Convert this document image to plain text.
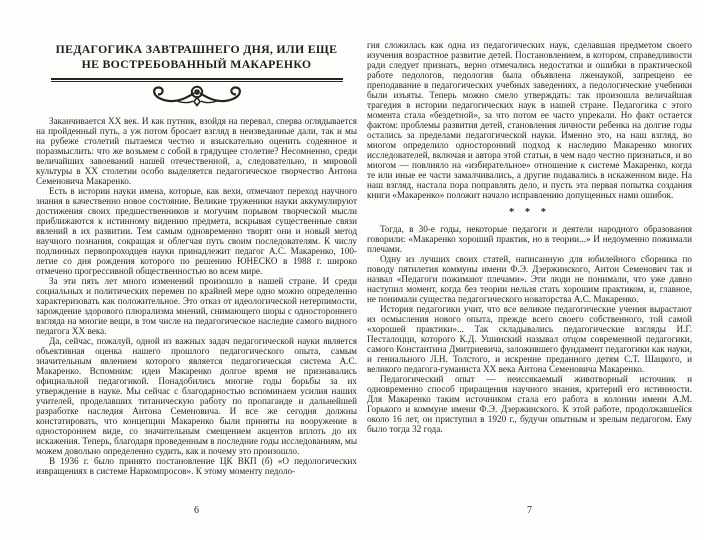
ПЕДАГОГИКА ЗАВТРАШНЕГО ДНЯ, ИЛИ ЕЩЕ
НЕ ВОСТРЕБОВАННЫЙ МАКАРЕНКО

Заканчивается XX век. И как путник, взойдя на перевал, сперва оглядывается на пройденный путь, а уж потом бросает взгляд в неизведанные дали, так и мы на рубеже столетий пытаемся честно и взыскательно оценить содеянное и поразмыслить: что же возьмем с собой в грядущее столетие? Несомненно, среди величайших завоеваний нашей отечественной, а, следовательно, и мировой культуры в XX столетии особо выделяется педагогическое творчество Антона Семеновича Макаренко.

Есть в истории науки имена, которые, как вехи, отмечают переход научного знания в качественно новое состояние. Великие труженики науки аккумулируют достижения своих предшественников и могучим порывом творческой мысли приближаются к истинному видению предмета, вскрывая существенные связи явлений в их развитии. Тем самым одновременно творят они и новый метод научного познания, сокращая и облегчая путь своим последователям. К числу подлинных первопроходцев науки принадлежит педагог А.С. Макаренко, 100-летие со дня рождения которого по решению ЮНЕСКО в 1988 г. широко отмечено прогрессивной общественностью во всем мире.

За эти пять лет много изменений произошло в нашей стране. И среди социальных и политических перемен по крайней мере одно можно определенно характеризовать как положительное. Это отказ от идеологической нетерпимости, зарождение здорового плюрализма мнений, снимающего шоры с одностороннего взгляда на многие вещи, в том числе на педагогическое наследие самого видного педагога XX века.

Да, сейчас, пожалуй, одной из важных задач педагогической науки является объективная оценка нашего прошлого педагогического опыта, самым значительным явлением которого является педагогическая система А.С. Макаренко. Вспомним: идеи Макаренко долгое время не признавались официальной педагогикой. Понадобились многие годы борьбы за их утверждение в науке. Мы сейчас с благодарностью вспоминаем усилия наших учителей, проделавших титаническую работу по пропаганде и дальнейшей разработке наследия Антона Семеновича. И все же сегодня должны констатировать, что концепции Макаренко были приняты на вооружение в одностороннем виде, со значительным смещением акцентов вплоть до их искажения. Теперь, благодаря проведенным в последние годы исследованиям, мы можем довольно определенно судить, как и почему это произошло.

В 1936 г. было принято постановление ЦК ВКП (б) «О педологических извращениях в системе Наркомпросов». К этому моменту педоло-

6

гия сложилась как одна из педагогических наук, сделавшая предметом своего изучения возрастное развитие детей. Постановлением, в котором, справедливости ради следует признать, верно отмечались недостатки и ошибки в практической работе педологов, педология была объявлена лженаукой, запрещено ее преподавание в педагогических учебных заведениях, а педологические учебники были изъяты. Теперь можно смело утверждать: так произошла величайшая трагедия в истории педагогических наук в нашей стране. Педагогика с этого момента стала «бездетной», за что потом ее часто упрекали. Но факт остается фактом: проблемы развития детей, становления личности ребенка на долгие годы остались за пределами педагогической науки. Именно это, на наш взгляд, во многом определило односторонний подход к наследию Макаренко многих исследователей, включая и автора этой статьи, в чем надо честно признаться, и во многом — повлияло на «избирательное» отношение к системе Макаренко, когда те или иные ее части замалчивались, а другие подавались в искаженном виде. На наш взгляд, настала пора поправлять дело, и пусть эта первая попытка создания книги «Макаренко» положит начало исправлению допущенных нами ошибок.

* * *

Тогда, в 30-е годы, некоторые педагоги и деятели народного образования говорили: «Макаренко хороший практик, но в теории...» И недоуменно пожимали плечами.

Одну из лучших своих статей, написанную для юбилейного сборника по поводу пятилетия коммуны имени Ф.Э. Дзержинского, Антон Семенович так и назвал «Педагоги пожимают плечами». Эти люди не понимали, что уже давно наступил момент, когда без теории нельзя стать хорошим практиком, и, главное, не понимали существа педагогического новаторства А.С. Макаренко.

История педагогики учит, что все великие педагогические учения вырастают из осмысления нового опыта, прежде всего своего собственного, той самой «хорошей практики»... Так складывались педагогические взгляды И.Г. Песталоцци, которого К.Д. Ушинский называл отцом современной педагогики, самого Константина Дмитриевича, заложившего фундамент педагогики как науки, и гениального Л.Н. Толстого, и искренне преданного детям С.Т. Шацкого, и великого педагога-гуманиста XX века Антона Семеновича Макаренко.

Педагогический опыт — неиссякаемый животворный источник и одновременно способ приращения научного знания, критерий его истинности. Для Макаренко таким источником стала его работа в колонии имени А.М. Горького и коммуне имени Ф.Э. Дзержинского. К этой работе, продолжавшейся около 16 лет, он приступил в 1920 г., будучи опытным и зрелым педагогом. Ему было тогда 32 года.

7
